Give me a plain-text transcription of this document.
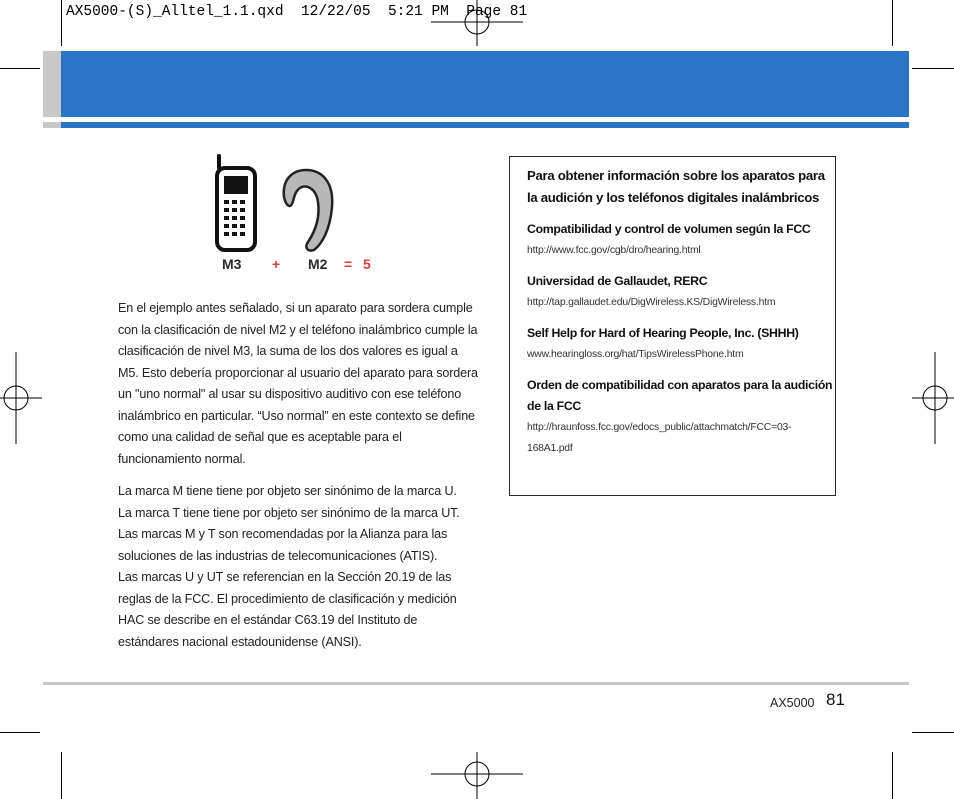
AX5000-(S)_Alltel_1.1.qxd  12/22/05  5:21 PM  Page 81
M3 + M2 = 5

En el ejemplo antes señalado, si un aparato para sordera cumple con la clasificación de nivel M2 y el teléfono inalámbrico cumple la clasificación de nivel M3, la suma de los dos valores es igual a M5. Esto debería proporcionar al usuario del aparato para sordera un "uno normal" al usar su dispositivo auditivo con ese teléfono inalámbrico en particular. “Uso normal” en este contexto se define como una calidad de señal que es aceptable para el funcionamiento normal.

La marca M tiene tiene por objeto ser sinónimo de la marca U.
La marca T tiene tiene por objeto ser sinónimo de la marca UT.
Las marcas M y T son recomendadas por la Alianza para las soluciones de las industrias de telecomunicaciones (ATIS).
Las marcas U y UT se referencian en la Sección 20.19 de las reglas de la FCC. El procedimiento de clasificación y medición HAC se describe en el estándar C63.19 del Instituto de estándares nacional estadounidense (ANSI).
Para obtener información sobre los aparatos para la audición y los teléfonos digitales inalámbricos
Compatibilidad y control de volumen según la FCC
http://www.fcc.gov/cgb/dro/hearing.html
Universidad de Gallaudet, RERC
http://tap.gallaudet.edu/DigWireless.KS/DigWireless.htm
Self Help for Hard of Hearing People, Inc. (SHHH)
www.hearingloss.org/hat/TipsWirelessPhone.htm
Orden de compatibilidad con aparatos para la audición de la FCC
http://hraunfoss.fcc.gov/edocs_public/attachmatch/FCC=03-168A1.pdf
AX5000 81
